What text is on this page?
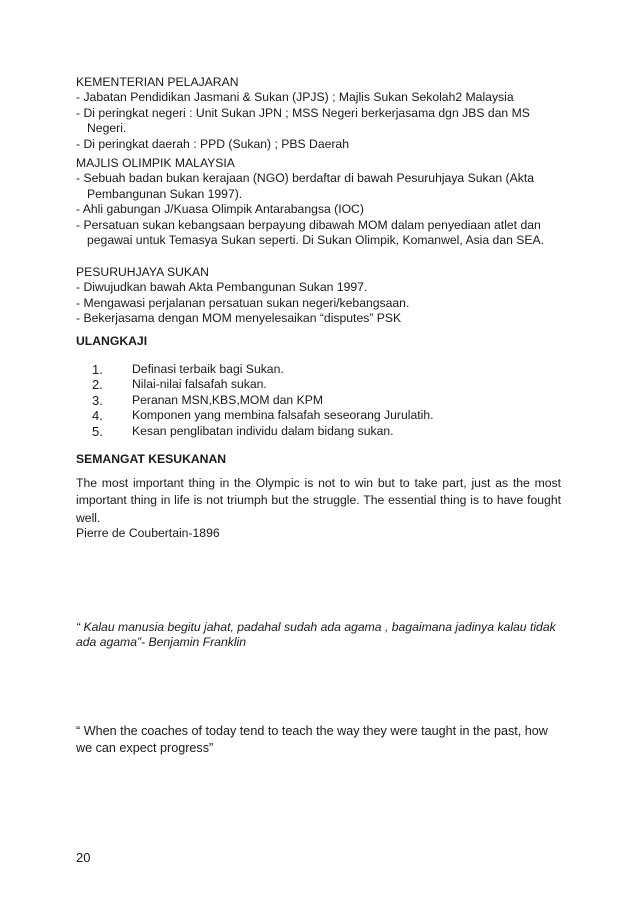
KEMENTERIAN PELAJARAN
- Jabatan Pendidikan Jasmani & Sukan (JPJS) ; Majlis Sukan Sekolah2 Malaysia
- Di peringkat negeri : Unit Sukan JPN ; MSS Negeri berkerjasama dgn JBS dan MS
Negeri.
- Di peringkat daerah : PPD (Sukan) ; PBS Daerah
MAJLIS OLIMPIK MALAYSIA
- Sebuah badan bukan kerajaan (NGO) berdaftar di bawah Pesuruhjaya Sukan (Akta
Pembangunan Sukan 1997).
- Ahli gabungan J/Kuasa Olimpik Antarabangsa (IOC)
- Persatuan sukan kebangsaan berpayung dibawah MOM dalam penyediaan atlet dan
pegawai untuk Temasya Sukan seperti. Di Sukan Olimpik, Komanwel, Asia dan SEA.
PESURUHJAYA SUKAN
- Diwujudkan bawah Akta Pembangunan Sukan 1997.
- Mengawasi perjalanan persatuan sukan negeri/kebangsaan.
- Bekerjasama dengan MOM menyelesaikan “disputes” PSK
ULANGKAJI
1.	Definasi terbaik bagi Sukan.
2.	Nilai-nilai falsafah sukan.
3.	Peranan MSN,KBS,MOM dan KPM
4.	Komponen yang membina falsafah seseorang Jurulatih.
5.	Kesan penglibatan individu dalam bidang sukan.
SEMANGAT KESUKANAN
The most important thing in the Olympic is not to win but to take part, just as the most important thing in life is not triumph but the struggle. The essential thing is to have fought well.
Pierre de Coubertain-1896
“ Kalau manusia begitu jahat, padahal sudah ada agama , bagaimana jadinya kalau tidak
ada agama”- Benjamin Franklin
“ When the coaches of today tend to teach the way they were taught in the past, how we can expect progress”
20
